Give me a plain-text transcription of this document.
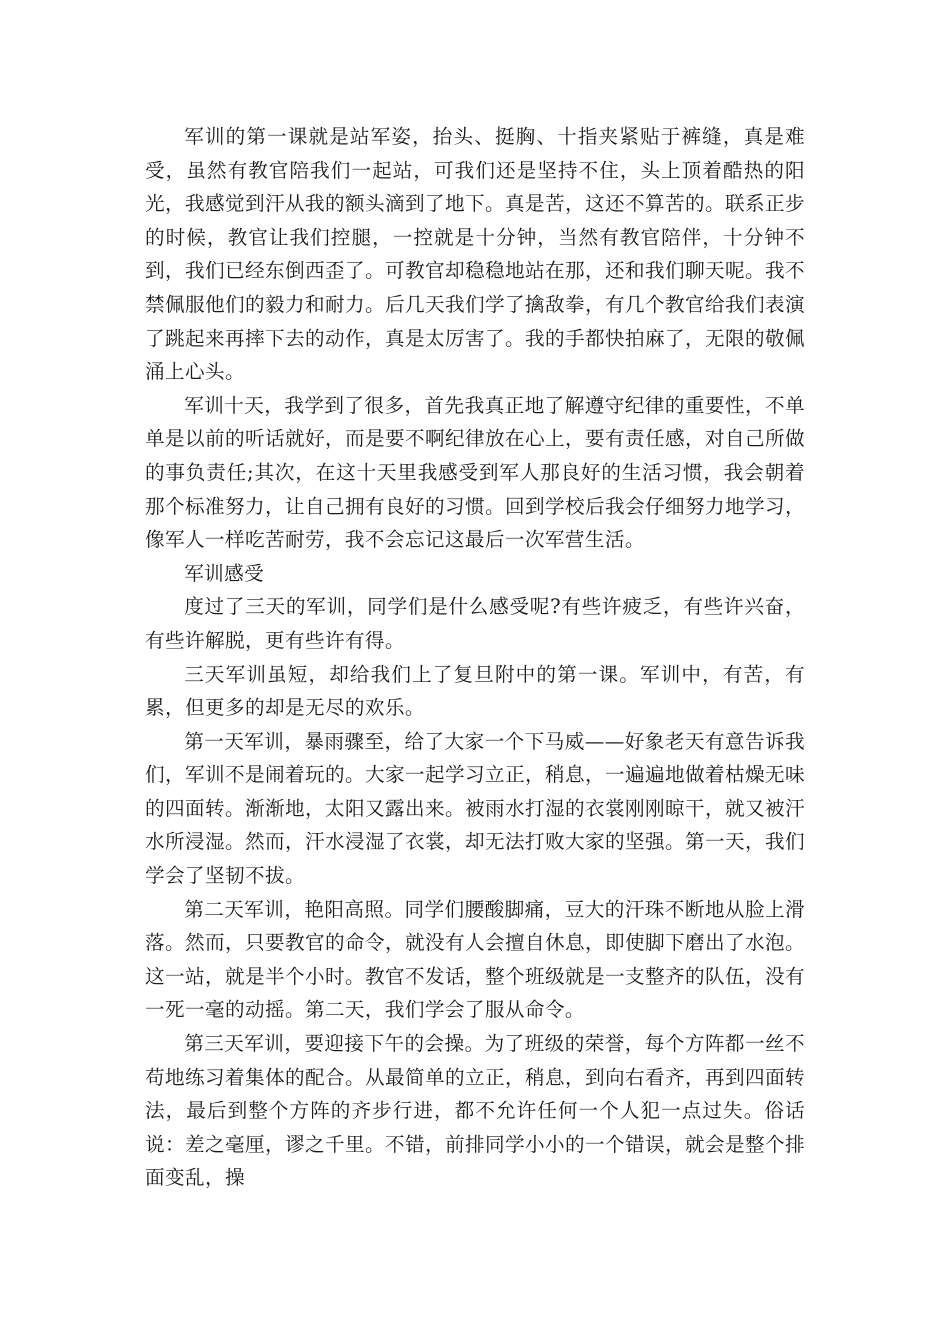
军训的第一课就是站军姿，抬头、挺胸、十指夹紧贴于裤缝，真是难受，虽然有教官陪我们一起站，可我们还是坚持不住，头上顶着酷热的阳光，我感觉到汗从我的额头滴到了地下。真是苦，这还不算苦的。联系正步的时候，教官让我们控腿，一控就是十分钟，当然有教官陪伴，十分钟不到，我们已经东倒西歪了。可教官却稳稳地站在那，还和我们聊天呢。我不禁佩服他们的毅力和耐力。后几天我们学了擒敌拳，有几个教官给我们表演了跳起来再摔下去的动作，真是太厉害了。我的手都快拍麻了，无限的敬佩涌上心头。

军训十天，我学到了很多，首先我真正地了解遵守纪律的重要性，不单单是以前的听话就好，而是要不啊纪律放在心上，要有责任感，对自己所做的事负责任;其次，在这十天里我感受到军人那良好的生活习惯，我会朝着那个标准努力，让自己拥有良好的习惯。回到学校后我会仔细努力地学习，像军人一样吃苦耐劳，我不会忘记这最后一次军营生活。

军训感受

度过了三天的军训，同学们是什么感受呢?有些许疲乏，有些许兴奋，有些许解脱，更有些许有得。

三天军训虽短，却给我们上了复旦附中的第一课。军训中，有苦，有累，但更多的却是无尽的欢乐。

第一天军训，暴雨骤至，给了大家一个下马威——好象老天有意告诉我们，军训不是闹着玩的。大家一起学习立正，稍息，一遍遍地做着枯燥无味的四面转。渐渐地，太阳又露出来。被雨水打湿的衣裳刚刚晾干，就又被汗水所浸湿。然而，汗水浸湿了衣裳，却无法打败大家的坚强。第一天，我们学会了坚韧不拔。

第二天军训，艳阳高照。同学们腰酸脚痛，豆大的汗珠不断地从脸上滑落。然而，只要教官的命令，就没有人会擅自休息，即使脚下磨出了水泡。这一站，就是半个小时。教官不发话，整个班级就是一支整齐的队伍，没有一死一毫的动摇。第二天，我们学会了服从命令。

第三天军训，要迎接下午的会操。为了班级的荣誉，每个方阵都一丝不苟地练习着集体的配合。从最简单的立正，稍息，到向右看齐，再到四面转法，最后到整个方阵的齐步行进，都不允许任何一个人犯一点过失。俗话说：差之毫厘，谬之千里。不错，前排同学小小的一个错误，就会是整个排面变乱，操
